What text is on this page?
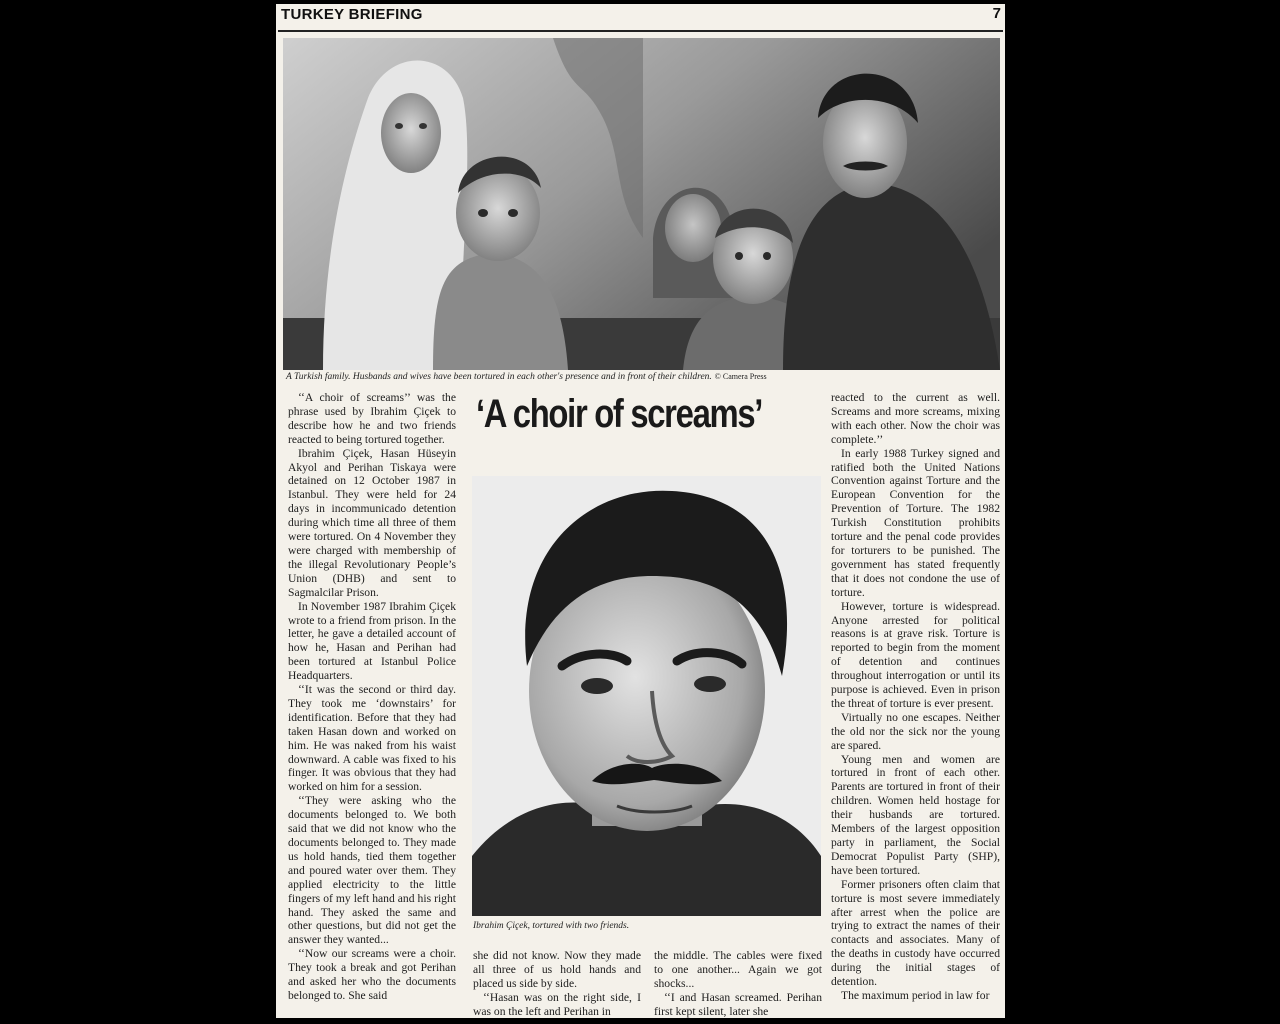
TURKEY BRIEFING	7
A Turkish family. Husbands and wives have been tortured in each other's presence and in front of their children. © Camera Press

‘‘A choir of screams’’ was the phrase used by Ibrahim Çiçek to describe how he and two friends reacted to being tortured together.

Ibrahim Çiçek, Hasan Hüseyin Akyol and Perihan Tiskaya were detained on 12 October 1987 in Istanbul. They were held for 24 days in incommunicado detention during which time all three of them were tortured. On 4 November they were charged with membership of the illegal Revolutionary People’s Union (DHB) and sent to Sagmalcilar Prison.

In November 1987 Ibrahim Çiçek wrote to a friend from prison. In the letter, he gave a detailed account of how he, Hasan and Perihan had been tortured at Istanbul Police Headquarters.

‘‘It was the second or third day. They took me ‘downstairs’ for identification. Before that they had taken Hasan down and worked on him. He was naked from his waist downward. A cable was fixed to his finger. It was obvious that they had worked on him for a session.

‘‘They were asking who the documents belonged to. We both said that we did not know who the documents belonged to. They made us hold hands, tied them together and poured water over them. They applied electricity to the little fingers of my left hand and his right hand. They asked the same and other questions, but did not get the answer they wanted...

‘‘Now our screams were a choir. They took a break and got Perihan and asked her who the documents belonged to. She said

‘A choir of screams’
Ibrahim Çiçek, tortured with two friends.

she did not know. Now they made all three of us hold hands and placed us side by side.

‘‘Hasan was on the right side, I was on the left and Perihan in

the middle. The cables were fixed to one another... Again we got shocks...

‘‘I and Hasan screamed. Perihan first kept silent, later she

reacted to the current as well. Screams and more screams, mixing with each other. Now the choir was complete.’’

In early 1988 Turkey signed and ratified both the United Nations Convention against Torture and the European Convention for the Prevention of Torture. The 1982 Turkish Constitution prohibits torture and the penal code provides for torturers to be punished. The government has stated frequently that it does not condone the use of torture.

However, torture is widespread. Anyone arrested for political reasons is at grave risk. Torture is reported to begin from the moment of detention and continues throughout interrogation or until its purpose is achieved. Even in prison the threat of torture is ever present.

Virtually no one escapes. Neither the old nor the sick nor the young are spared.

Young men and women are tortured in front of each other. Parents are tortured in front of their children. Women held hostage for their husbands are tortured. Members of the largest opposition party in parliament, the Social Democrat Populist Party (SHP), have been tortured.

Former prisoners often claim that torture is most severe immediately after arrest when the police are trying to extract the names of their contacts and associates. Many of the deaths in custody have occurred during the initial stages of detention.

The maximum period in law for
